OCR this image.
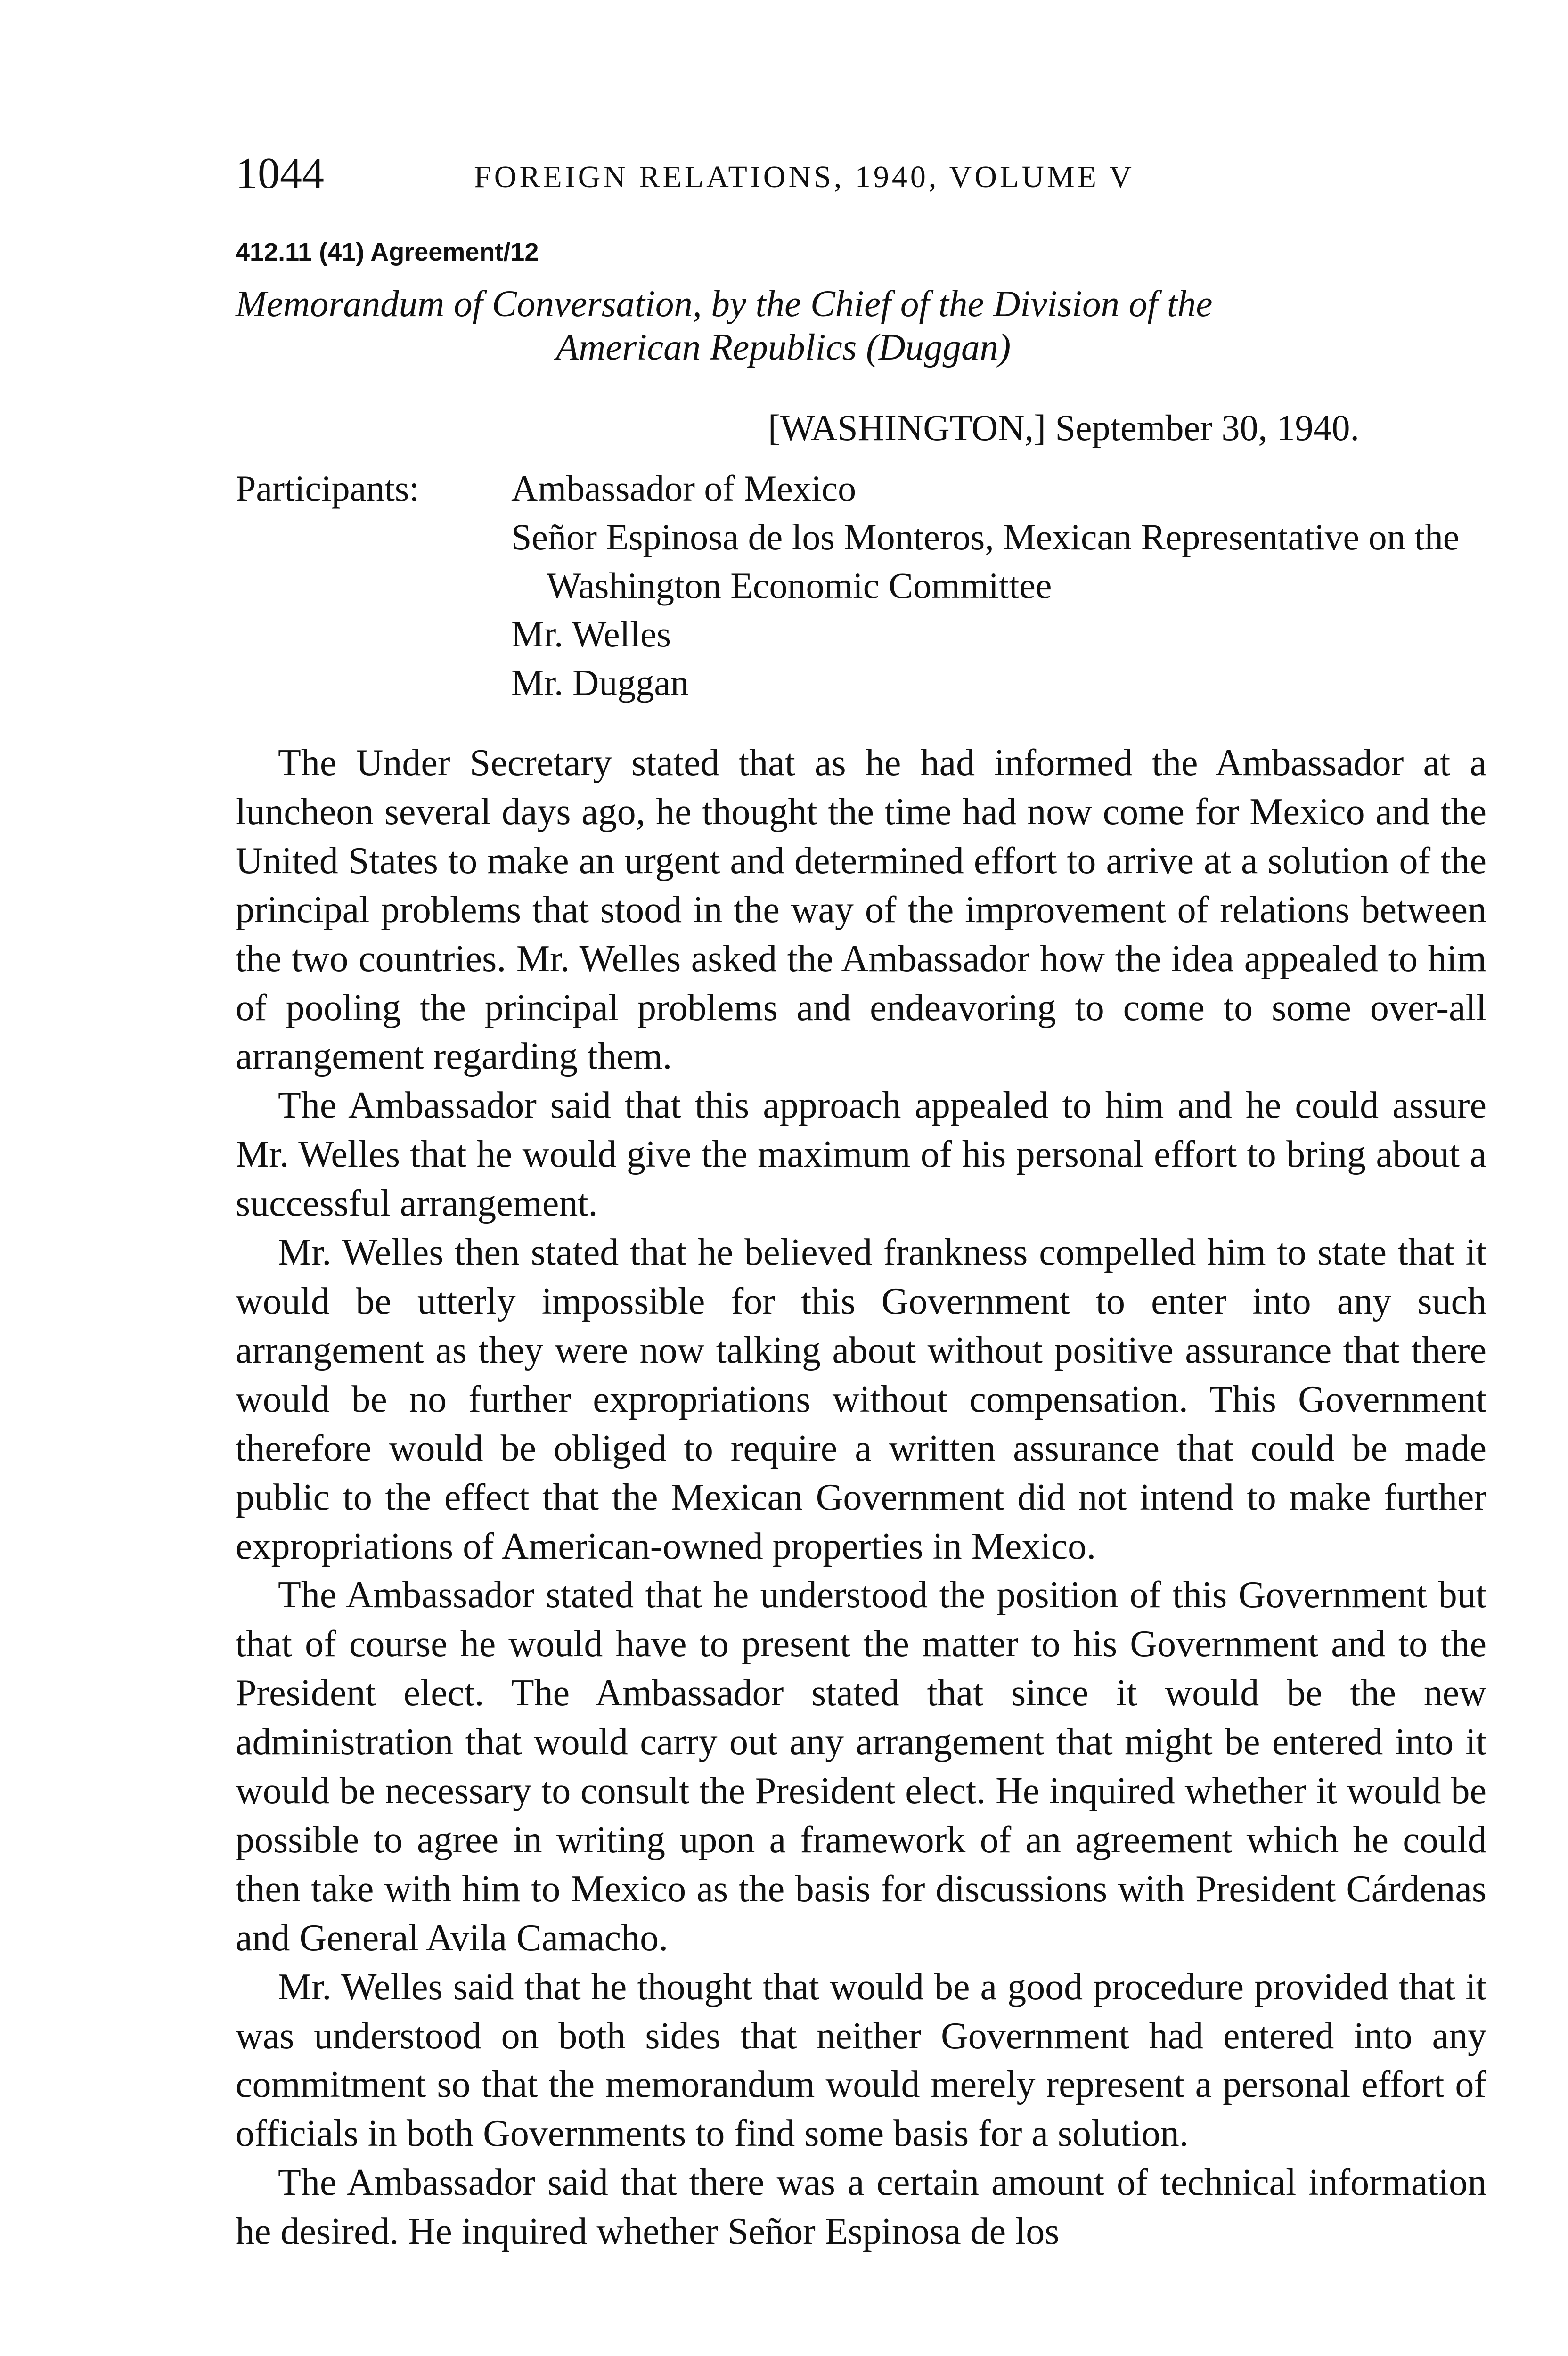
1044	FOREIGN RELATIONS, 1940, VOLUME V
412.11 (41) Agreement/12
Memorandum of Conversation, by the Chief of the Division of the
American Republics (Duggan)
[WASHINGTON,] September 30, 1940.
Participants:	Ambassador of Mexico
Señor Espinosa de los Monteros, Mexican Representative on the Washington Economic Committee
Mr. Welles
Mr. Duggan

The Under Secretary stated that as he had informed the Ambassador at a luncheon several days ago, he thought the time had now come for Mexico and the United States to make an urgent and determined effort to arrive at a solution of the principal problems that stood in the way of the improvement of relations between the two countries. Mr. Welles asked the Ambassador how the idea appealed to him of pooling the principal problems and endeavoring to come to some over-all arrangement regarding them.

The Ambassador said that this approach appealed to him and he could assure Mr. Welles that he would give the maximum of his personal effort to bring about a successful arrangement.

Mr. Welles then stated that he believed frankness compelled him to state that it would be utterly impossible for this Government to enter into any such arrangement as they were now talking about without positive assurance that there would be no further expropriations without compensation. This Government therefore would be obliged to require a written assurance that could be made public to the effect that the Mexican Government did not intend to make further expropriations of American-owned properties in Mexico.

The Ambassador stated that he understood the position of this Government but that of course he would have to present the matter to his Government and to the President elect. The Ambassador stated that since it would be the new administration that would carry out any arrangement that might be entered into it would be necessary to consult the President elect. He inquired whether it would be possible to agree in writing upon a framework of an agreement which he could then take with him to Mexico as the basis for discussions with President Cárdenas and General Avila Camacho.

Mr. Welles said that he thought that would be a good procedure provided that it was understood on both sides that neither Government had entered into any commitment so that the memorandum would merely represent a personal effort of officials in both Governments to find some basis for a solution.

The Ambassador said that there was a certain amount of technical information he desired. He inquired whether Señor Espinosa de los
